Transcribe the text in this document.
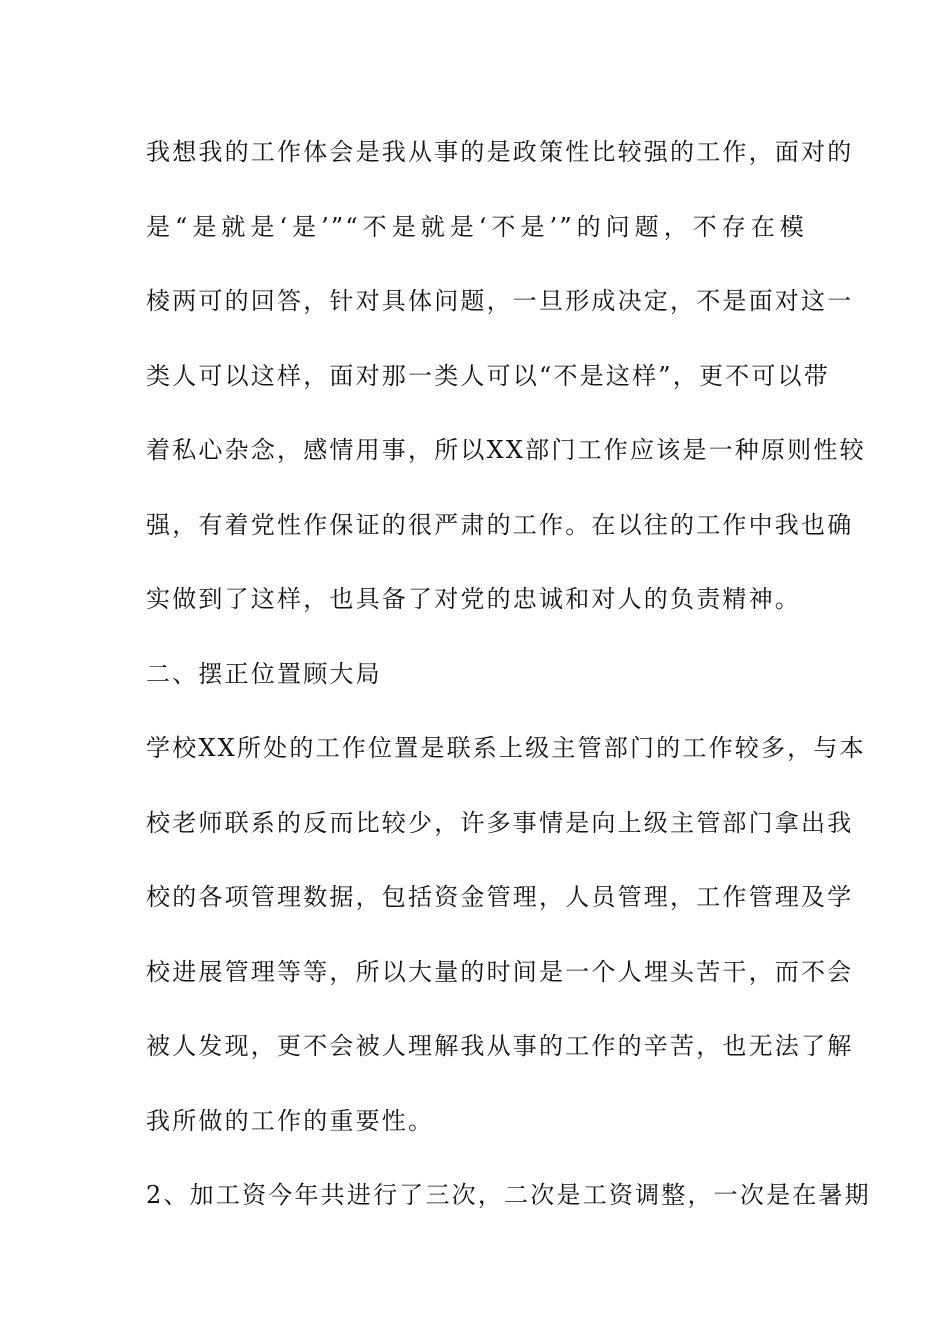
我想我的工作体会是我从事的是政策性比较强的工作，面对的
是“是就是‘是’”“不是就是‘不是’”的问题，不存在模
棱两可的回答，针对具体问题，一旦形成决定，不是面对这一
类人可以这样，面对那一类人可以“不是这样”，更不可以带
着私心杂念，感情用事，所以XX部门工作应该是一种原则性较
强，有着党性作保证的很严肃的工作。在以往的工作中我也确
实做到了这样，也具备了对党的忠诚和对人的负责精神。
二、摆正位置顾大局
学校XX所处的工作位置是联系上级主管部门的工作较多，与本
校老师联系的反而比较少，许多事情是向上级主管部门拿出我
校的各项管理数据，包括资金管理，人员管理，工作管理及学
校进展管理等等，所以大量的时间是一个人埋头苦干，而不会
被人发现，更不会被人理解我从事的工作的辛苦，也无法了解
我所做的工作的重要性。
2、加工资今年共进行了三次，二次是工资调整，一次是在暑期
